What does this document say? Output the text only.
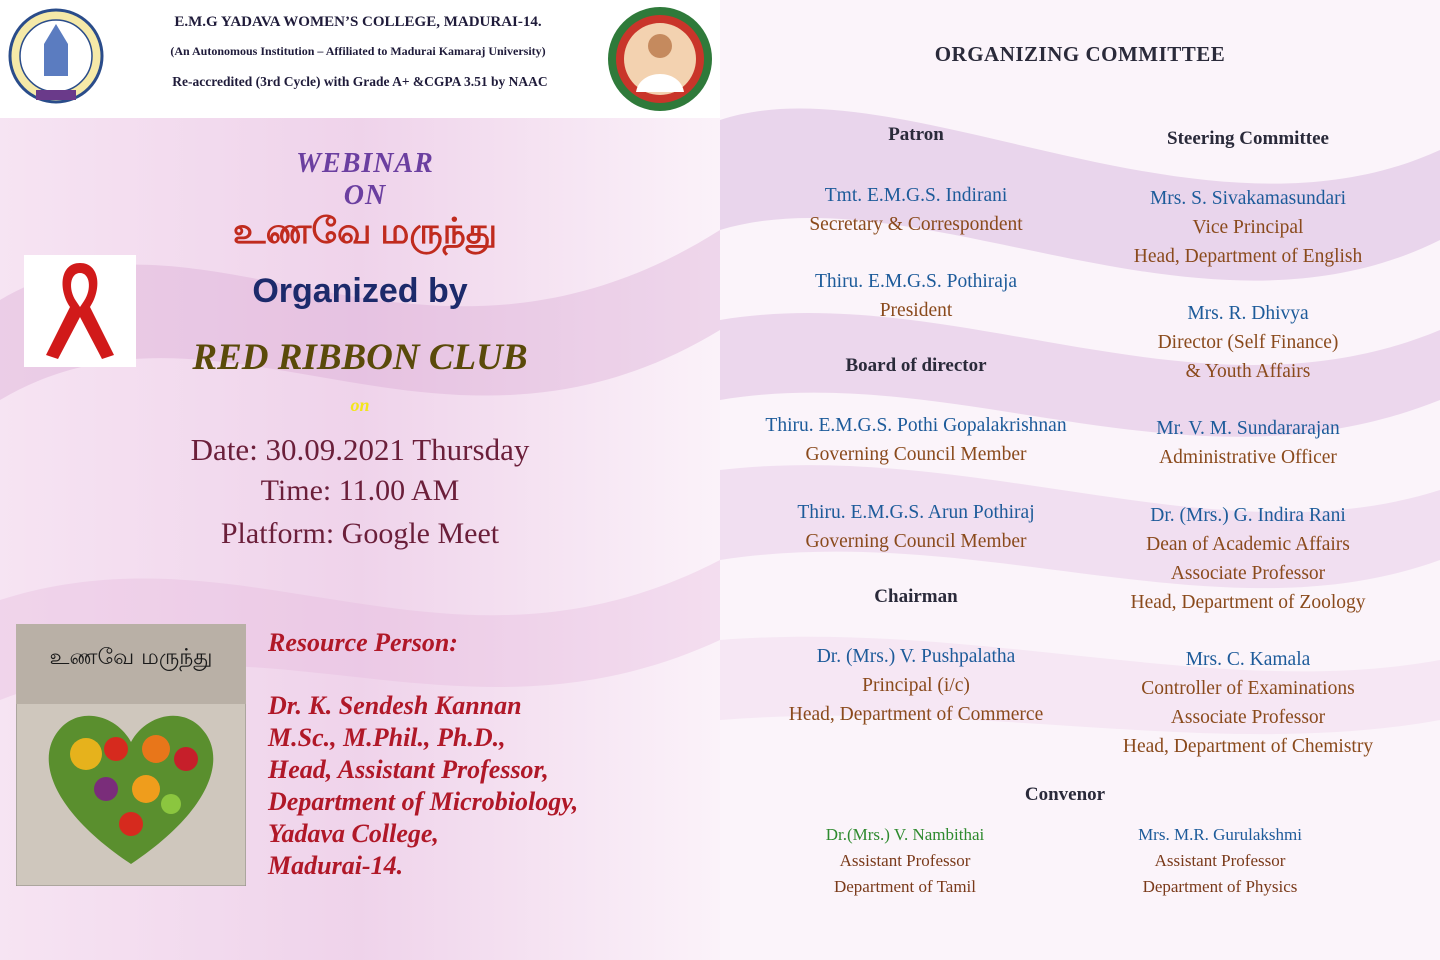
E.M.G YADAVA WOMEN’S COLLEGE, MADURAI-14.
(An Autonomous Institution – Affiliated to Madurai Kamaraj University)
Re-accredited (3rd Cycle) with Grade A+ &CGPA 3.51 by NAAC
WEBINAR
ON
உணவே மருந்து
Organized by
RED RIBBON CLUB
on
Date: 30.09.2021 Thursday
Time: 11.00 AM
Platform: Google Meet
உணவே மருந்து
Resource Person:
Dr. K. Sendesh Kannan
M.Sc., M.Phil., Ph.D.,
Head, Assistant Professor,
Department of Microbiology,
Yadava College,
Madurai-14.
ORGANIZING COMMITTEE
Patron
Tmt. E.M.G.S. Indirani
Secretary & Correspondent
Thiru. E.M.G.S. Pothiraja
President
Board of director
Thiru. E.M.G.S. Pothi Gopalakrishnan
Governing Council Member
Thiru. E.M.G.S. Arun Pothiraj
Governing Council Member
Chairman
Dr. (Mrs.) V. Pushpalatha
Principal (i/c)
Head, Department of Commerce
Steering Committee
Mrs. S. Sivakamasundari
Vice Principal
Head, Department of English
Mrs. R. Dhivya
Director (Self Finance)
& Youth Affairs
Mr. V. M. Sundararajan
Administrative Officer
Dr. (Mrs.) G. Indira Rani
Dean of Academic Affairs
Associate Professor
Head, Department of Zoology
Mrs. C. Kamala
Controller of Examinations
Associate Professor
Head, Department of Chemistry
Convenor
Dr.(Mrs.) V. Nambithai
Assistant Professor
Department of Tamil
Mrs. M.R. Gurulakshmi
Assistant Professor
Department of Physics
